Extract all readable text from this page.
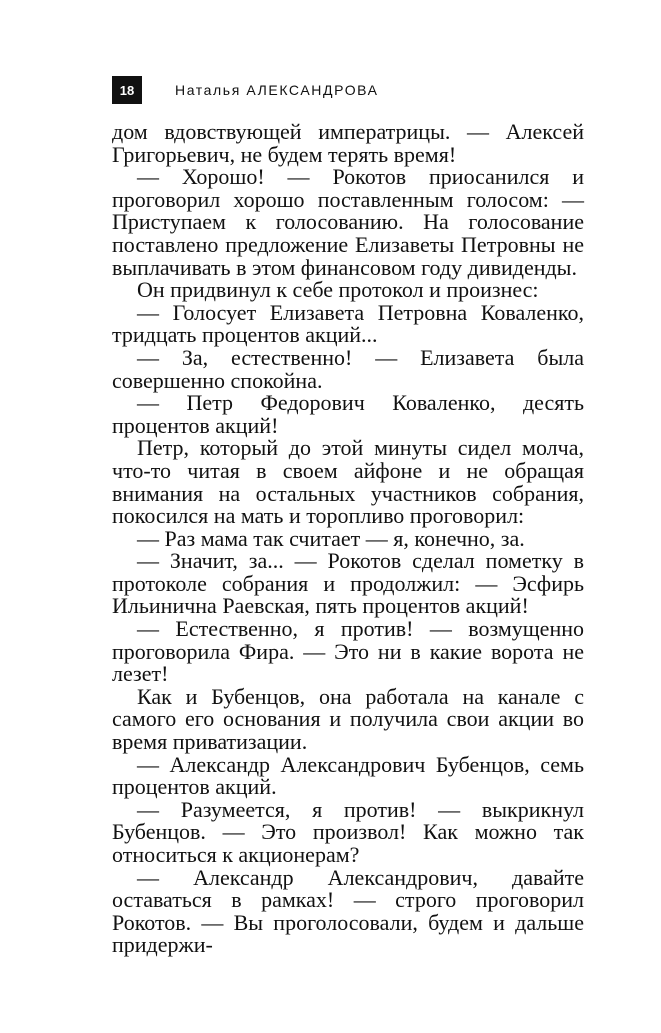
18	Наталья АЛЕКСАНДРОВА

дом вдовствующей императрицы. — Алексей Григорьевич, не будем терять время!

— Хорошо! — Рокотов приосанился и проговорил хорошо поставленным голосом: — Приступаем к голосованию. На голосование поставлено предложение Елизаветы Петровны не выплачивать в этом финансовом году дивиденды.

Он придвинул к себе протокол и произнес:

— Голосует Елизавета Петровна Коваленко, тридцать процентов акций...

— За, естественно! — Елизавета была совершенно спокойна.

— Петр Федорович Коваленко, десять процентов акций!

Петр, который до этой минуты сидел молча, что-то читая в своем айфоне и не обращая внимания на остальных участников собрания, покосился на мать и торопливо проговорил:

— Раз мама так считает — я, конечно, за.

— Значит, за... — Рокотов сделал пометку в протоколе собрания и продолжил: — Эсфирь Ильинична Раевская, пять процентов акций!

— Естественно, я против! — возмущенно проговорила Фира. — Это ни в какие ворота не лезет!

Как и Бубенцов, она работала на канале с самого его основания и получила свои акции во время приватизации.

— Александр Александрович Бубенцов, семь процентов акций.

— Разумеется, я против! — выкрикнул Бубенцов. — Это произвол! Как можно так относиться к акционерам?

— Александр Александрович, давайте оставаться в рамках! — строго проговорил Рокотов. — Вы проголосовали, будем и дальше придержи-
